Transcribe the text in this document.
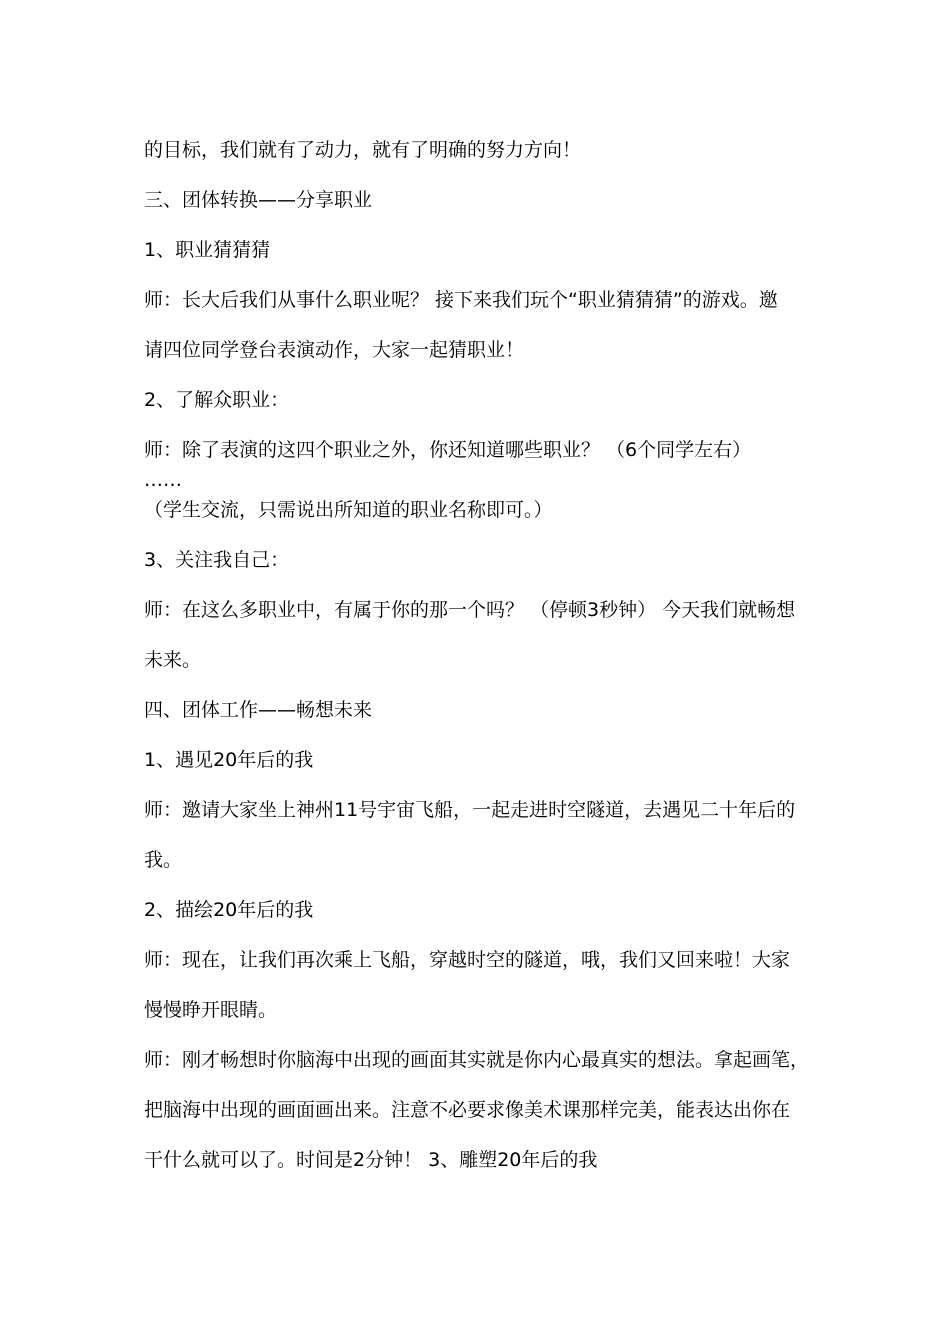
的目标，我们就有了动力，就有了明确的努力方向！

三、团体转换——分享职业

1、职业猜猜猜

师：长大后我们从事什么职业呢？ 接下来我们玩个“职业猜猜猜”的游戏。邀

请四位同学登台表演动作，大家一起猜职业！

2、了解众职业：

师：除了表演的这四个职业之外，你还知道哪些职业？ （6个同学左右）

……

（学生交流，只需说出所知道的职业名称即可。）

3、关注我自己：

师：在这么多职业中，有属于你的那一个吗？ （停顿3秒钟） 今天我们就畅想

未来。

四、团体工作——畅想未来

1、遇见20年后的我

师：邀请大家坐上神州11号宇宙飞船，一起走进时空隧道，去遇见二十年后的

我。

2、描绘20年后的我

师：现在，让我们再次乘上飞船，穿越时空的隧道，哦，我们又回来啦！大家

慢慢睁开眼睛。

师：刚才畅想时你脑海中出现的画面其实就是你内心最真实的想法。拿起画笔，

把脑海中出现的画面画出来。注意不必要求像美术课那样完美，能表达出你在

干什么就可以了。时间是2分钟！ 3、雕塑20年后的我
